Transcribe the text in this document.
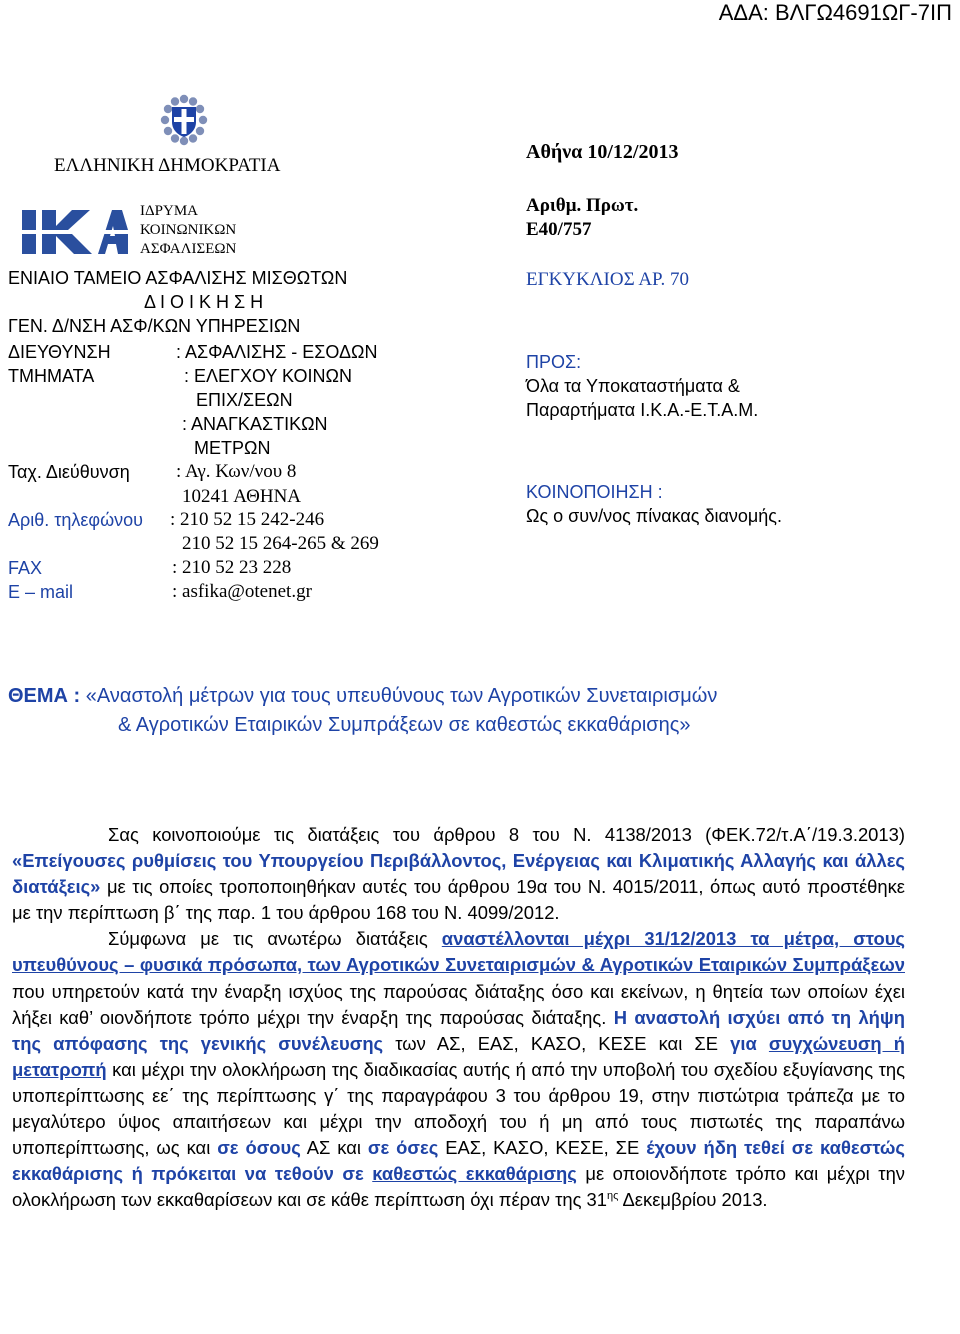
ΑΔΑ: ΒΛΓΩ4691ΩΓ-7ΙΠ
ΕΛΛΗΝΙΚΗ ΔΗΜΟΚΡΑΤΙΑ
ΙΔΡΥΜΑ
ΚΟΙΝΩΝΙΚΩΝ
ΑΣΦΑΛΙΣΕΩΝ
ΕΝΙΑΙΟ ΤΑΜΕΙΟ ΑΣΦΑΛΙΣΗΣ ΜΙΣΘΩΤΩΝ
Δ Ι Ο Ι Κ Η Σ Η
ΓΕΝ. Δ/ΝΣΗ ΑΣΦ/ΚΩΝ ΥΠΗΡΕΣΙΩΝ
ΔΙΕΥΘΥΝΣΗ	: ΑΣΦΑΛΙΣΗΣ - ΕΣΟΔΩΝ
ΤΜΗΜΑΤΑ	: ΕΛΕΓΧΟΥ ΚΟΙΝΩΝ
ΕΠΙΧ/ΣΕΩΝ
: ΑΝΑΓΚΑΣΤΙΚΩΝ
ΜΕΤΡΩΝ
Ταχ. Διεύθυνση : Αγ. Κων/νου 8
10241 ΑΘΗΝΑ
Αριθ. τηλεφώνου : 210 52 15 242-246
210 52 15 264-265 & 269
FAX	: 210 52 23 228
E – mail	: asfika@otenet.gr
Αθήνα 10/12/2013
Αριθμ. Πρωτ.
Ε40/757
ΕΓΚΥΚΛΙΟΣ ΑΡ. 70
ΠΡΟΣ:
Όλα τα Υποκαταστήματα &
Παραρτήματα Ι.Κ.Α.-Ε.Τ.Α.Μ.
ΚΟΙΝΟΠΟΙΗΣΗ :
Ως ο συν/νος πίνακας διανομής.
ΘΕΜΑ : «Αναστολή μέτρων για τους υπευθύνους των Αγροτικών Συνεταιρισμών
& Αγροτικών Εταιρικών Συμπράξεων σε καθεστώς εκκαθάρισης»

Σας κοινοποιούμε τις διατάξεις του άρθρου 8 του Ν. 4138/2013 (ΦΕΚ.72/τ.Α΄/19.3.2013) «Επείγουσες ρυθμίσεις του Υπουργείου Περιβάλλοντος, Ενέργειας και Κλιματικής Αλλαγής και άλλες διατάξεις» με τις οποίες τροποποιηθήκαν αυτές του άρθρου 19α του Ν. 4015/2011, όπως αυτό προστέθηκε με την περίπτωση β΄ της παρ. 1 του άρθρου 168 του Ν. 4099/2012.

Σύμφωνα με τις ανωτέρω διατάξεις αναστέλλονται μέχρι 31/12/2013 τα μέτρα, στους υπευθύνους – φυσικά πρόσωπα, των Αγροτικών Συνεταιρισμών & Αγροτικών Εταιρικών Συμπράξεων που υπηρετούν κατά την έναρξη ισχύος της παρούσας διάταξης όσο και εκείνων, η θητεία των οποίων έχει λήξει καθ’ οιονδήποτε τρόπο μέχρι την έναρξη της παρούσας διάταξης. Η αναστολή ισχύει από τη λήψη της απόφασης της γενικής συνέλευσης των ΑΣ, ΕΑΣ, ΚΑΣΟ, ΚΕΣΕ και ΣΕ για συγχώνευση ή μετατροπή και μέχρι την ολοκλήρωση της διαδικασίας αυτής ή από την υποβολή του σχεδίου εξυγίανσης της υποπερίπτωσης εε΄ της περίπτωσης γ΄ της παραγράφου 3 του άρθρου 19, στην πιστώτρια τράπεζα με το μεγαλύτερο ύψος απαιτήσεων και μέχρι την αποδοχή του ή μη από τους πιστωτές της παραπάνω υποπερίπτωσης, ως και σε όσους ΑΣ και σε όσες ΕΑΣ, ΚΑΣΟ, ΚΕΣΕ, ΣΕ έχουν ήδη τεθεί σε καθεστώς εκκαθάρισης ή πρόκειται να τεθούν σε καθεστώς εκκαθάρισης με οποιονδήποτε τρόπο και μέχρι την ολοκλήρωση των εκκαθαρίσεων και σε κάθε περίπτωση όχι πέραν της $31^{\eta\varsigma}$ Δεκεμβρίου 2013.
